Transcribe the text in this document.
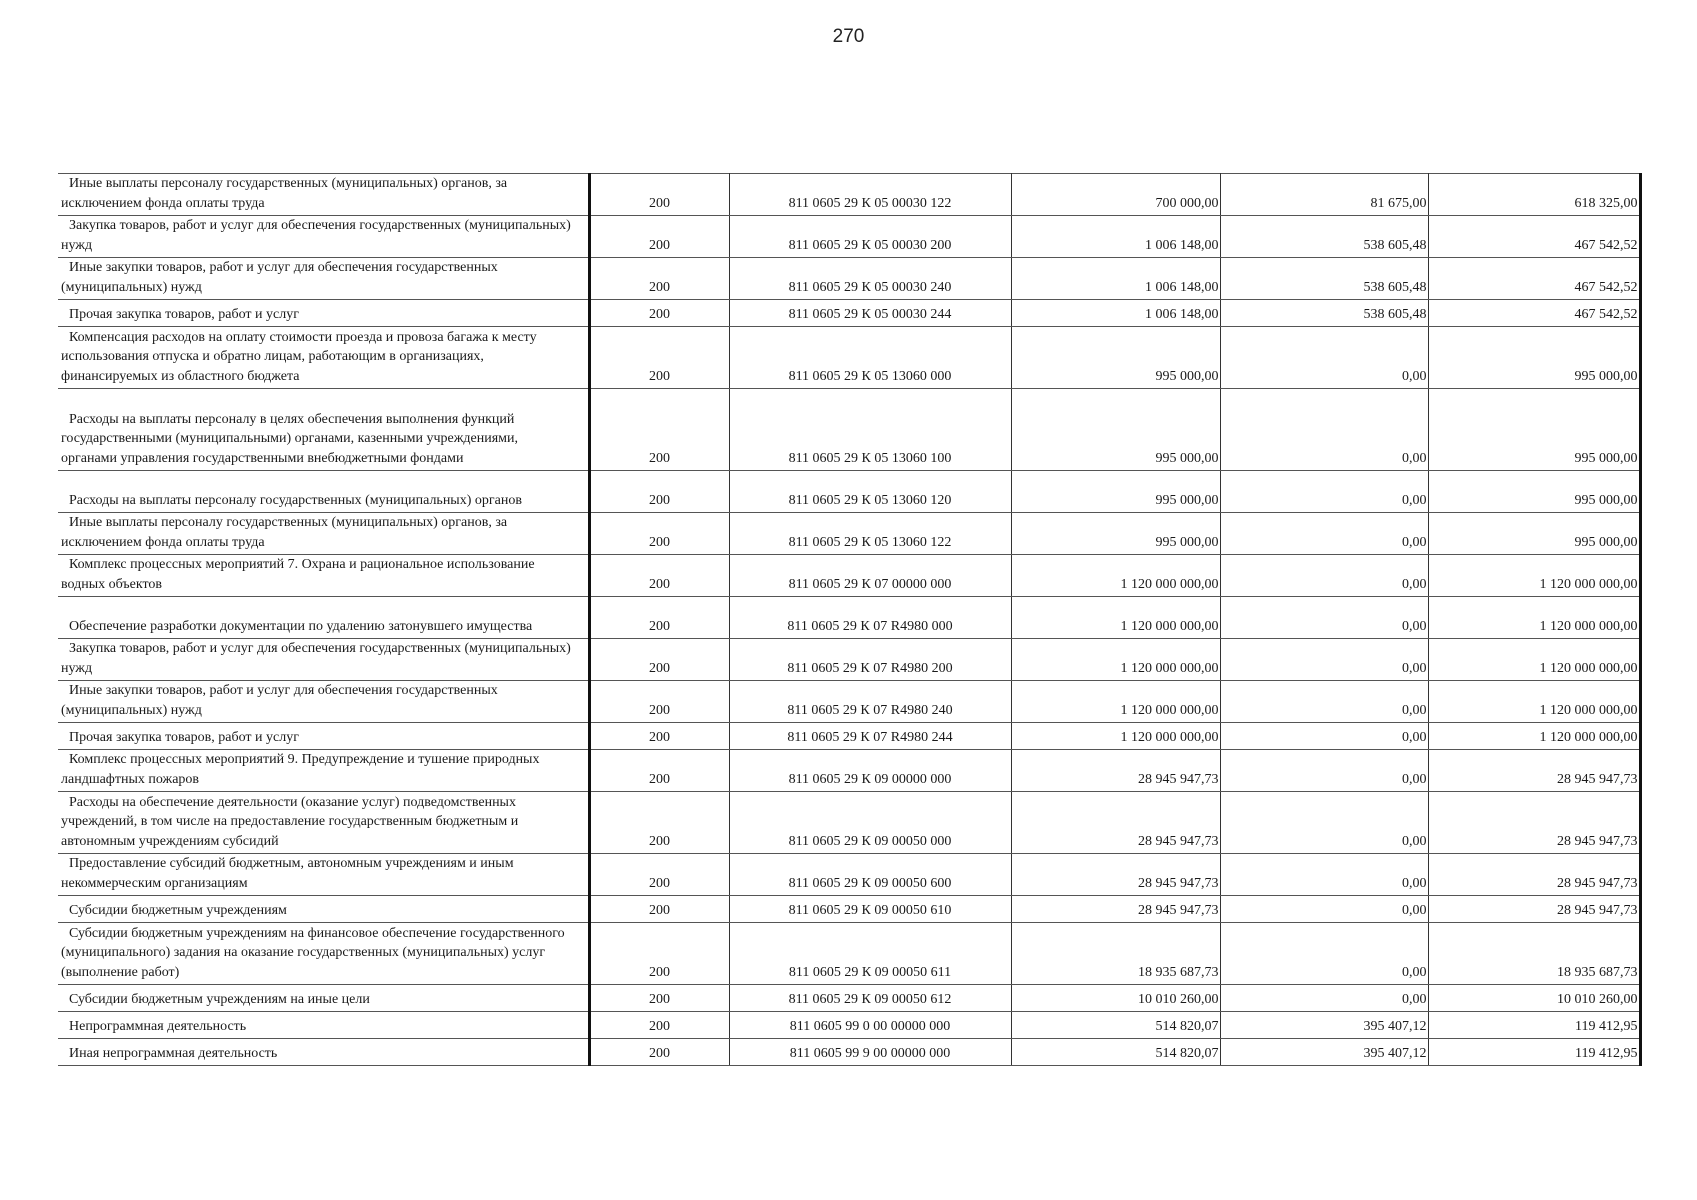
270
Иные выплаты персоналу государственных (муниципальных) органов, за исключением фонда оплаты труда	200	811 0605 29 К 05 00030 122	700 000,00	81 675,00	618 325,00

Закупка товаров, работ и услуг для обеспечения государственных (муниципальных) нужд	200	811 0605 29 К 05 00030 200	1 006 148,00	538 605,48	467 542,52

Иные закупки товаров, работ и услуг для обеспечения государственных (муниципальных) нужд	200	811 0605 29 К 05 00030 240	1 006 148,00	538 605,48	467 542,52

Прочая закупка товаров, работ и услуг	200	811 0605 29 К 05 00030 244	1 006 148,00	538 605,48	467 542,52

Компенсация расходов на оплату стоимости проезда и провоза багажа к месту использования отпуска и обратно лицам, работающим в организациях, финансируемых из областного бюджета	200	811 0605 29 К 05 13060 000	995 000,00	0,00	995 000,00

Расходы на выплаты персоналу в целях обеспечения выполнения функций государственными (муниципальными) органами, казенными учреждениями, органами управления государственными внебюджетными фондами	200	811 0605 29 К 05 13060 100	995 000,00	0,00	995 000,00

Расходы на выплаты персоналу государственных (муниципальных) органов	200	811 0605 29 К 05 13060 120	995 000,00	0,00	995 000,00

Иные выплаты персоналу государственных (муниципальных) органов, за исключением фонда оплаты труда	200	811 0605 29 К 05 13060 122	995 000,00	0,00	995 000,00

Комплекс процессных мероприятий 7. Охрана и рациональное использование водных объектов	200	811 0605 29 К 07 00000 000	1 120 000 000,00	0,00	1 120 000 000,00

Обеспечение разработки документации по удалению затонувшего имущества	200	811 0605 29 К 07 R4980 000	1 120 000 000,00	0,00	1 120 000 000,00

Закупка товаров, работ и услуг для обеспечения государственных (муниципальных) нужд	200	811 0605 29 К 07 R4980 200	1 120 000 000,00	0,00	1 120 000 000,00

Иные закупки товаров, работ и услуг для обеспечения государственных (муниципальных) нужд	200	811 0605 29 К 07 R4980 240	1 120 000 000,00	0,00	1 120 000 000,00

Прочая закупка товаров, работ и услуг	200	811 0605 29 К 07 R4980 244	1 120 000 000,00	0,00	1 120 000 000,00

Комплекс процессных мероприятий 9. Предупреждение и тушение природных ландшафтных пожаров	200	811 0605 29 К 09 00000 000	28 945 947,73	0,00	28 945 947,73

Расходы на обеспечение деятельности (оказание услуг) подведомственных учреждений, в том числе на предоставление государственным бюджетным и автономным учреждениям субсидий	200	811 0605 29 К 09 00050 000	28 945 947,73	0,00	28 945 947,73

Предоставление субсидий бюджетным, автономным учреждениям и иным некоммерческим организациям	200	811 0605 29 К 09 00050 600	28 945 947,73	0,00	28 945 947,73

Субсидии бюджетным учреждениям	200	811 0605 29 К 09 00050 610	28 945 947,73	0,00	28 945 947,73

Субсидии бюджетным учреждениям на финансовое обеспечение государственного (муниципального) задания на оказание государственных (муниципальных) услуг (выполнение работ)	200	811 0605 29 К 09 00050 611	18 935 687,73	0,00	18 935 687,73

Субсидии бюджетным учреждениям на иные цели	200	811 0605 29 К 09 00050 612	10 010 260,00	0,00	10 010 260,00

Непрограммная деятельность	200	811 0605 99 0 00 00000 000	514 820,07	395 407,12	119 412,95

Иная непрограммная деятельность	200	811 0605 99 9 00 00000 000	514 820,07	395 407,12	119 412,95
